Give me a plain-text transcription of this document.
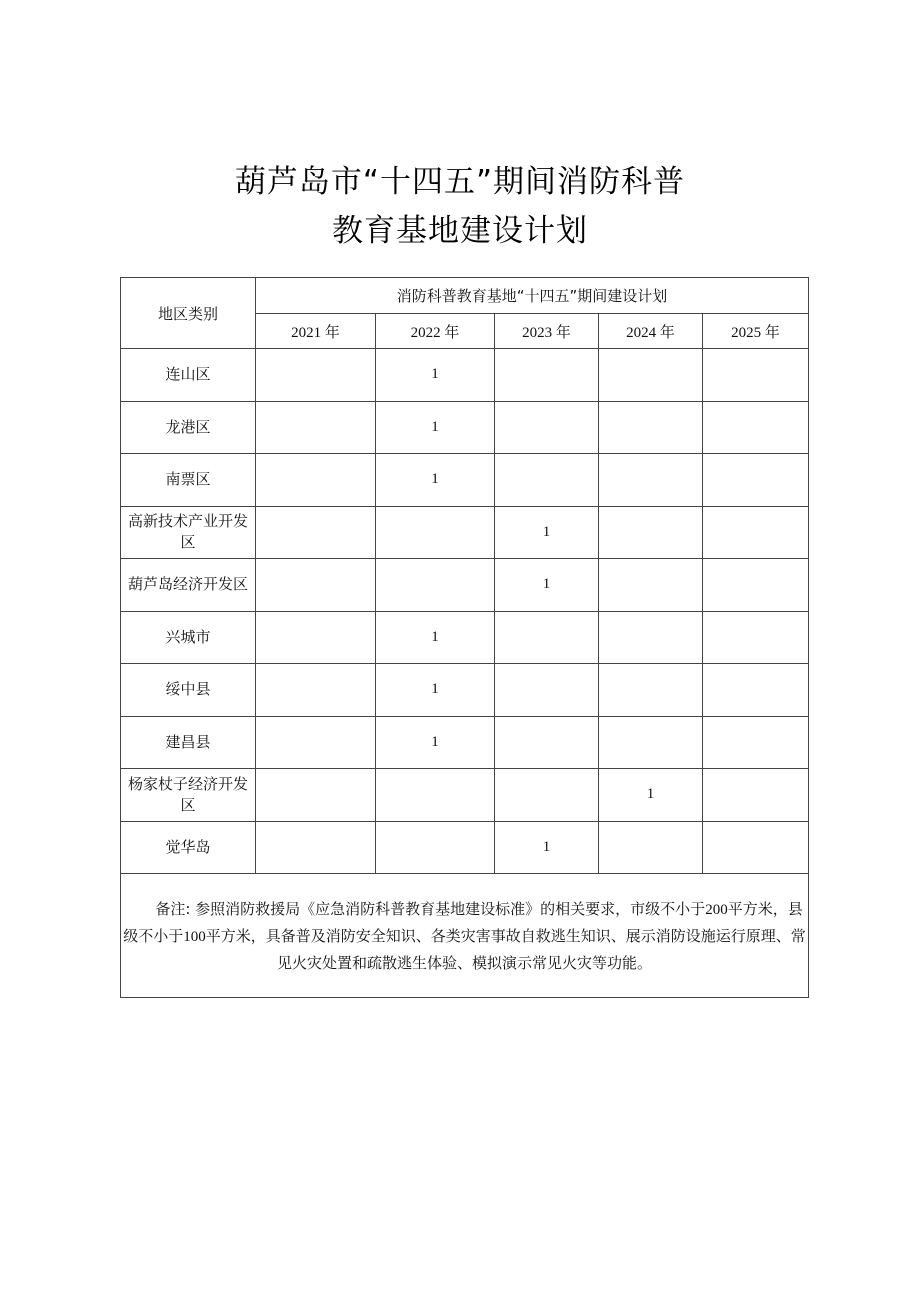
葫芦岛市“十四五”期间消防科普
教育基地建设计划
地区类别	消防科普教育基地“十四五”期间建设计划				
	2021 年	2022 年	2023 年	2024 年	2025 年
连山区		1			
龙港区		1			
南票区		1			
高新技术产业开发区			1		
葫芦岛经济开发区			1		
兴城市		1			
绥中县		1			
建昌县		1			
杨家杖子经济开发区				1	
觉华岛			1		
备注: 参照消防救援局《应急消防科普教育基地建设标准》的相关要求，市级不小于200平方米，县级不小于100平方米，具备普及消防安全知识、各类灾害事故自救逃生知识、展示消防设施运行原理、常见火灾处置和疏散逃生体验、模拟演示常见火灾等功能。					
